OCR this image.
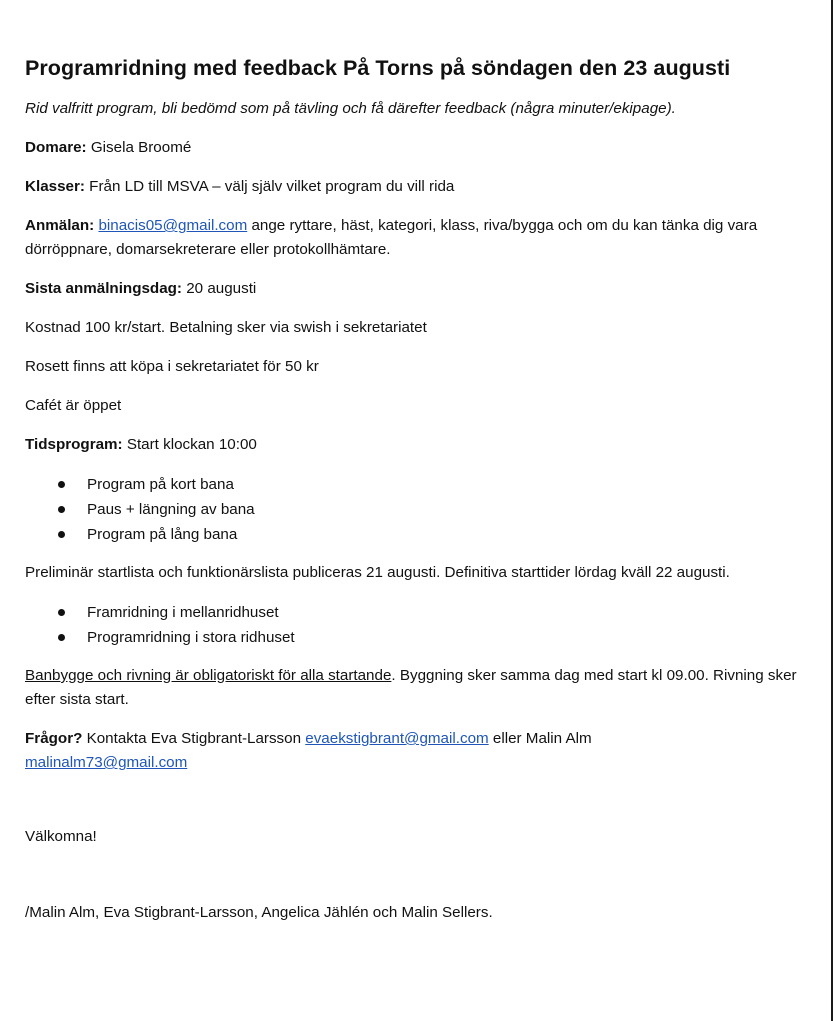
Programridning med feedback På Torns på söndagen den 23 augusti

Rid valfritt program, bli bedömd som på tävling och få därefter feedback (några minuter/ekipage).

Domare: Gisela Broomé

Klasser: Från LD till MSVA – välj själv vilket program du vill rida

Anmälan: binacis05@gmail.com ange ryttare, häst, kategori, klass, riva/bygga och om du kan tänka dig vara dörröppnare, domarsekreterare eller protokollhämtare.

Sista anmälningsdag: 20 augusti

Kostnad 100 kr/start. Betalning sker via swish i sekretariatet

Rosett finns att köpa i sekretariatet för 50 kr

Cafét är öppet

Tidsprogram: Start klockan 10:00

Program på kort bana
Paus + längning av bana
Program på lång bana

Preliminär startlista och funktionärslista publiceras 21 augusti. Definitiva starttider lördag kväll 22 augusti.

Framridning i mellanridhuset
Programridning i stora ridhuset

Banbygge och rivning är obligatoriskt för alla startande. Byggning sker samma dag med start kl 09.00. Rivning sker efter sista start.

Frågor? Kontakta Eva Stigbrant-Larsson evaekstigbrant@gmail.com eller Malin Alm
malinalm73@gmail.com

Välkomna!

/Malin Alm, Eva Stigbrant-Larsson, Angelica Jählén och Malin Sellers.
